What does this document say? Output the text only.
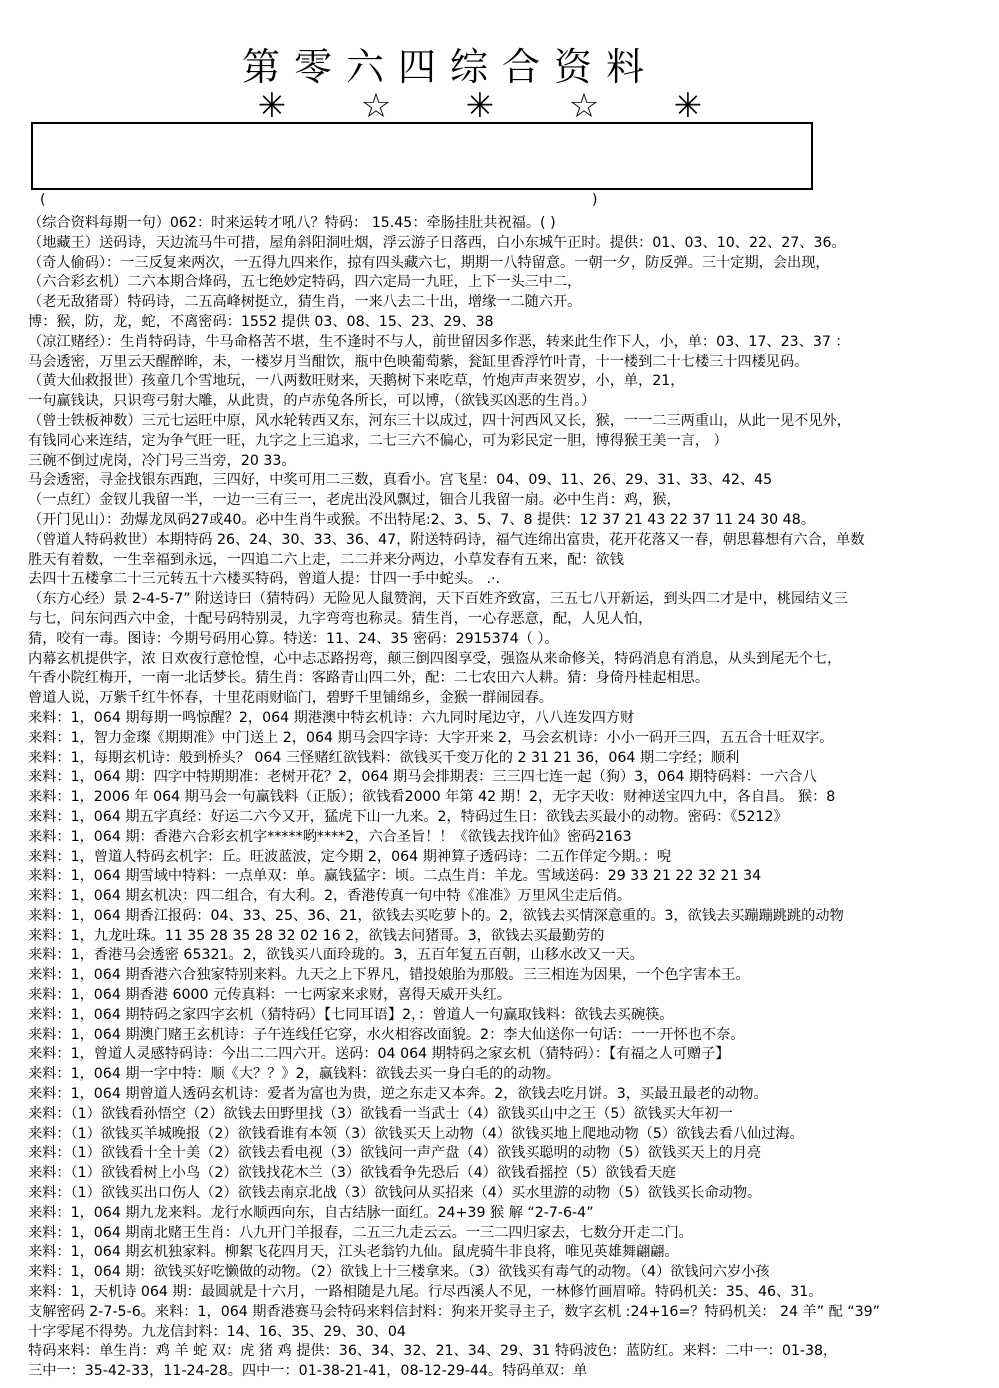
第零六四综合资料
✳ ☆ ✳ ☆ ✳
(	)
（综合资料每期一句）062：时来运转才吼八？特码： 15.45：牵肠挂肚共祝福。( )
（地藏王）送码诗，天边流马牛可措，屋角斜阳洞吐烟，浮云游子日落西，白小东城午正时。提供：01、03、10、22、27、36。
（奇人偷码）：一三反复来两次，一五得九四来作，掠有四头藏六七，期期一八特留意。一朝一夕，防反弹。三十定期，会出现，
（六合彩玄机）二六本期合烽码，五七绝妙定特码，四六定局一九旺，上下一头三中二，
（老无敌猪哥）特码诗，二五高峰树挺立，猜生肖，一来八去二十出，增缘一二随六开。
博：猴，防，龙，蛇，不离密码：1552 提供 03、08、15、23、29、38
（凉江赌经）：生肖特码诗，牛马命格苦不堪，生不逢时不与人，前世留因多作恶，转来此生作下人，小，单：03、17、23、37 ：
马会透密，万里云天醒醉眸，未，一楼岁月当酣饮，瓶中色映葡萄紫，瓮缸里香浮竹叶青，十一楼到二十七楼三十四楼见码。
（黄大仙救报世）孩童几个雪地玩，一八两数旺财来，天鹅树下来吃草，竹炮声声来贺岁，小，单，21，
一句赢钱诀，只识弯弓射大雕，从此贵，的卢赤兔各所长，可以博，（欲钱买凶恶的生肖。）
（曾士铁板神数）三元七运旺中原，风水轮转西又东，河东三十以成过，四十河西风又长，猴，一一二三两重山，从此一见不见外，
有钱同心来连结，定为争气旺一旺，九字之上三追求，二七三六不偏心，可为彩民定一胆，博得猴王美一言， ）
三碗不倒过虎岗，冷门号三当旁，20 33。
马会透密，寻金找银东西跑，三四好，中奖可用二三数，真看小。宫飞星：04、09、11、26、29、31、33、42、45
（一点红）金钗儿我留一半，一边一三有三一，老虎出没风飘过，钿合儿我留一扇。必中生肖：鸡，猴，
（开门见山）：劲爆龙凤码27或40。必中生肖牛或猴。不出特尾:2、3、5、7、8 提供：12 37 21 43 22 37 11 24 30 48。
（曾道人特码救世）本期特码 26、24、30、33、36、47，附送特码诗，福气连绵出富贵，花开花落又一春，朝思暮想有六合，单数
胜天有着数，一生幸福到永远，一四追二六上走，二二并来分两边，小草发春有五来，配：欲钱
去四十五楼拿二十三元转五十六楼买特码，曾道人提：廿四一手中蛇头。 .·.
（东方心经）景 2-4-5-7” 附送诗曰（猜特码）无险见人鼠赞润，天下百姓齐致富，三五七八开新运，到头四二才是中，桃园结义三
与七，问东问西六中金，十配号码特别灵，九字弯弯也称灵。猜生肖，一心存恶意，配，人见人怕，
猜，咬有一毒。图诗：今期号码用心算。特送：11、24、35 密码：2915374（ ）。
内幕玄机提供字，浓 日欢夜行意怆惶，心中忐忑路拐弯，颠三倒四图享受，强盗从来命修关，特码消息有消息，从头到尾无个七，
午香小院红梅开，一南一北话梦长。猜生肖：客路青山四二外，配：二七农田六人耕。猜：身倚丹桂起相思。
曾道人说，万紫千红牛怀春，十里花雨财临门，碧野千里铺绵乡，金猴一群闹园春。
来料：1，064 期每期一鸣惊醒？2，064 期港澳中特玄机诗：六九同时尾边守，八八连发四方财
来料：1，智力金璨《期期准》中门送上 2，064 期马会四字诗：大字开来 2，马会玄机诗：小小一码开三四，五五合十旺双字。
来料：1，每期玄机诗：般到桥头？ 064 三怪赌红欲钱料：欲钱买千变万化的 2 31 21 36，064 期二字经；顺利
来料：1，064 期：四字中特期期准：老树开花？2，064 期马会排期表：三三四七连一起（狗）3，064 期特码料：一六合八
来料：1，2006 年 064 期马会一句赢钱料（正版）；欲钱看2000 年第 42 期！2，无字天收：财神送宝四九中，各自昌。 猴：8
来料：1，064 期五字真经：好运二六今又开，猛虎下山一九来。2，特码过生日：欲钱去买最小的动物。密码：《5212》
来料：1，064 期：香港六合彩玄机字*****哟****2，六合圣旨！！《欲钱去找许仙》密码2163
来料：1，曾道人特码玄机字：丘。旺波蓝波，定今期 2，064 期神算子透码诗：二五作佯定今期。：唲
来料：1，064 期雪域中特料：一点单双：单。赢钱猛字：顷。二点生肖：羊龙。雪域送码：29 33 21 22 32 21 34
来料：1，064 期玄机决：四二组合，有大利。2，香港传真一句中特《准准》万里风尘走后俏。
来料：1，064 期香江报码：04、33、25、36、21，欲钱去买吃萝卜的。2，欲钱去买情深意重的。3，欲钱去买蹦蹦跳跳的动物
来料：1，九龙吐珠。11 35 28 35 28 32 02 16 2，欲钱去问猪哥。3，欲钱去买最勤劳的
来料：1，香港马会透密 65321。2，欲钱买八面玲珑的。3，五百年复五百朝，山移水改又一天。
来料：1，064 期香港六合独家特别来料。九天之上下界凡，错投娘胎为那般。三三相连为因果，一个色字害本王。
来料：1，064 期香港 6000 元传真料：一七两家来求财，喜得天威开头红。
来料：1，064 期特码之家四字玄机（猜特码）【七同耳语】2，：曾道人一句赢取钱料：欲钱去买碗筷。
来料：1，064 期澳门赌王玄机诗：子午连线任它穿，水火相容改面貌。2：李大仙送你一句话：一一开怀也不奈。
来料：1，曾道人灵感特码诗：今出二二四六开。送码：04 064 期特码之家玄机（猜特码）：【有福之人可赠子】
来料：1，064 期一字中特：顺《大？？》2，赢钱料：欲钱去买一身白毛的的动物。
来料：1，064 期曾道人透码玄机诗：爱者为富也为贵，逆之东走又本奔。2，欲钱去吃月饼。3，买最丑最老的动物。
来料：（1）欲钱看孙悟空（2）欲钱去田野里找（3）欲钱看一当武士（4）欲钱买山中之王（5）欲钱买大年初一
来料：（1）欲钱买羊城晚报（2）欲钱看谁有本领（3）欲钱买天上动物（4）欲钱买地上爬地动物（5）欲钱去看八仙过海。
来料：（1）欲钱看十全十美（2）欲钱去看电视（3）欲钱问一声产盘（4）欲钱买聪明的动物（5）欲钱买天上的月亮
来料：（1）欲钱看树上小鸟（2）欲钱找花木兰（3）欲钱看争先恐后（4）欲钱看摇控（5）欲钱看天庭
来料：（1）欲钱买出口伤人（2）欲钱去南京北战（3）欲钱问从买招来（4）买水里游的动物（5）欲钱买长命动物。
来料：1，064 期九龙来料。龙行水顺西向东，自古结脉一面红。24+39 猴 解 “2-7-6-4”
来料：1，064 期南北赌王生肖：八九开门羊报春，二五三九走云云。一三二四归家去，七数分开走二门。
来料：1，064 期玄机独家料。柳絮飞花四月天，江头老翁钓九仙。鼠虎骑牛非良将，唯见英雄舞翩翩。
来料：1，064 期：欲钱买好吃懒做的动物。（2）欲钱上十三楼拿来。（3）欲钱买有毒气的动物。（4）欲钱问六岁小孩
来料：1，天机诗 064 期：最圆就是十六月，一路相随是九尾。行尽西溪人不见，一林修竹画眉啼。特码机关：35、46、31。
支解密码 2-7-5-6。来料：1，064 期香港赛马会特码来料信封料：狗来开奖寻主子，数字玄机 :24+16=？特码机关： 24 羊” 配 “39”
十字零尾不得势。九龙信封料：14、16、35、29、30、04
特码来料：单生肖：鸡 羊 蛇 双：虎 猪 鸡 提供：36、34、32、21、34、29、31 特码波色：蓝防红。来料：二中一：01-38，
三中一：35-42-33，11-24-28。四中一：01-38-21-41，08-12-29-44。特码单双：单
